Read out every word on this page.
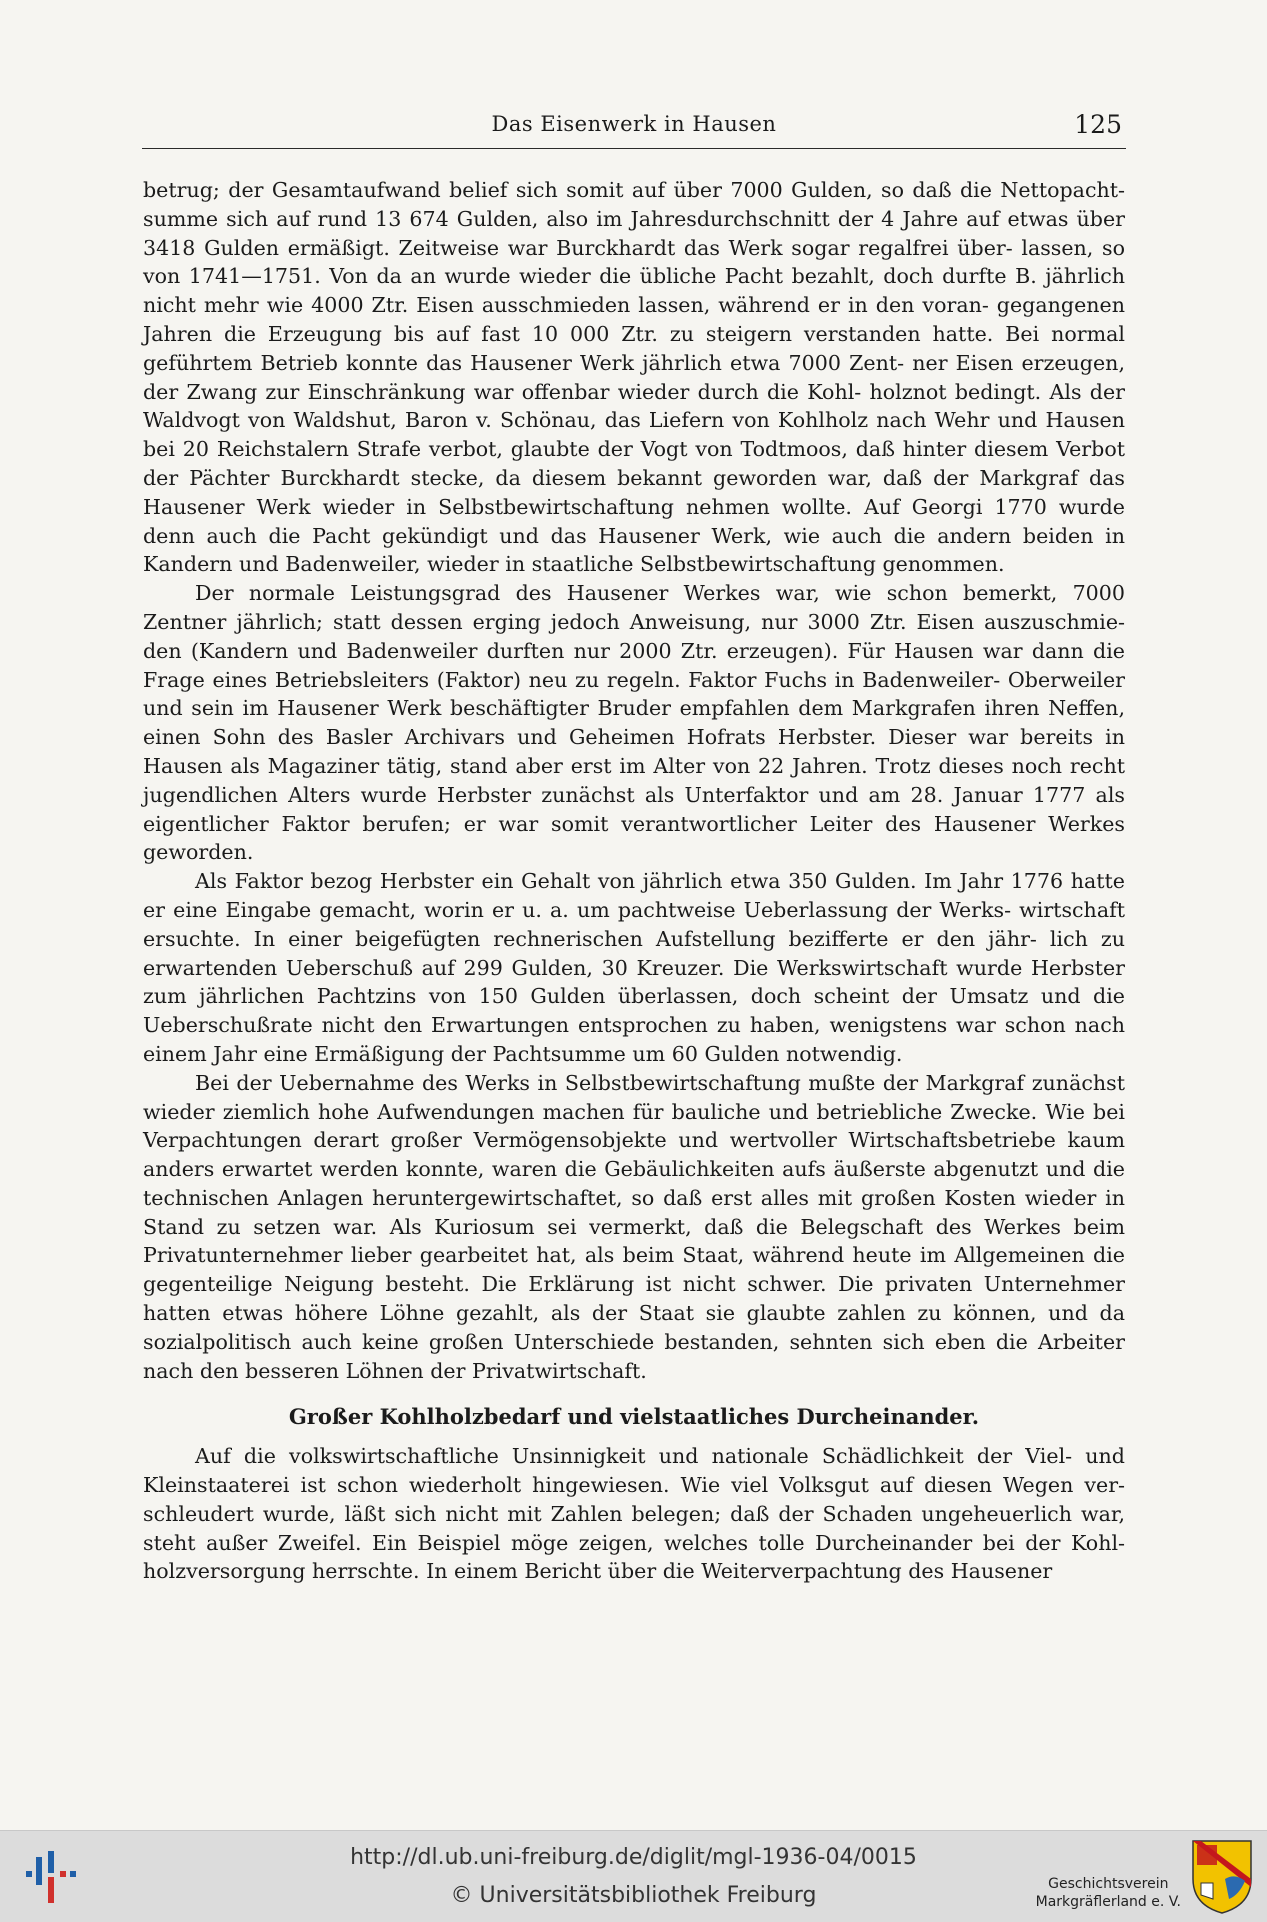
Das Eisenwerk in Hausen	125

betrug; der Gesamtaufwand belief sich somit auf über 7000 Gulden, so daß die Nettopacht- summe sich auf rund 13 674 Gulden, also im Jahresdurchschnitt der 4 Jahre auf etwas über 3418 Gulden ermäßigt. Zeitweise war Burckhardt das Werk sogar regalfrei über- lassen, so von 1741—1751. Von da an wurde wieder die übliche Pacht bezahlt, doch durfte B. jährlich nicht mehr wie 4000 Ztr. Eisen ausschmieden lassen, während er in den voran- gegangenen Jahren die Erzeugung bis auf fast 10 000 Ztr. zu steigern verstanden hatte. Bei normal geführtem Betrieb konnte das Hausener Werk jährlich etwa 7000 Zent- ner Eisen erzeugen, der Zwang zur Einschränkung war offenbar wieder durch die Kohl- holznot bedingt. Als der Waldvogt von Waldshut, Baron v. Schönau, das Liefern von Kohlholz nach Wehr und Hausen bei 20 Reichstalern Strafe verbot, glaubte der Vogt von Todtmoos, daß hinter diesem Verbot der Pächter Burckhardt stecke, da diesem bekannt geworden war, daß der Markgraf das Hausener Werk wieder in Selbstbewirtschaftung nehmen wollte. Auf Georgi 1770 wurde denn auch die Pacht gekündigt und das Hausener Werk, wie auch die andern beiden in Kandern und Badenweiler, wieder in staatliche Selbstbewirtschaftung genommen.

Der normale Leistungsgrad des Hausener Werkes war, wie schon bemerkt, 7000 Zentner jährlich; statt dessen erging jedoch Anweisung, nur 3000 Ztr. Eisen auszuschmie- den (Kandern und Badenweiler durften nur 2000 Ztr. erzeugen). Für Hausen war dann die Frage eines Betriebsleiters (Faktor) neu zu regeln. Faktor Fuchs in Badenweiler- Oberweiler und sein im Hausener Werk beschäftigter Bruder empfahlen dem Markgrafen ihren Neffen, einen Sohn des Basler Archivars und Geheimen Hofrats Herbster. Dieser war bereits in Hausen als Magaziner tätig, stand aber erst im Alter von 22 Jahren. Trotz dieses noch recht jugendlichen Alters wurde Herbster zunächst als Unterfaktor und am 28. Januar 1777 als eigentlicher Faktor berufen; er war somit verantwortlicher Leiter des Hausener Werkes geworden.

Als Faktor bezog Herbster ein Gehalt von jährlich etwa 350 Gulden. Im Jahr 1776 hatte er eine Eingabe gemacht, worin er u. a. um pachtweise Ueberlassung der Werks- wirtschaft ersuchte. In einer beigefügten rechnerischen Aufstellung bezifferte er den jähr- lich zu erwartenden Ueberschuß auf 299 Gulden, 30 Kreuzer. Die Werkswirtschaft wurde Herbster zum jährlichen Pachtzins von 150 Gulden überlassen, doch scheint der Umsatz und die Ueberschußrate nicht den Erwartungen entsprochen zu haben, wenigstens war schon nach einem Jahr eine Ermäßigung der Pachtsumme um 60 Gulden notwendig.

Bei der Uebernahme des Werks in Selbstbewirtschaftung mußte der Markgraf zunächst wieder ziemlich hohe Aufwendungen machen für bauliche und betriebliche Zwecke. Wie bei Verpachtungen derart großer Vermögensobjekte und wertvoller Wirtschaftsbetriebe kaum anders erwartet werden konnte, waren die Gebäulichkeiten aufs äußerste abgenutzt und die technischen Anlagen heruntergewirtschaftet, so daß erst alles mit großen Kosten wieder in Stand zu setzen war. Als Kuriosum sei vermerkt, daß die Belegschaft des Werkes beim Privatunternehmer lieber gearbeitet hat, als beim Staat, während heute im Allgemeinen die gegenteilige Neigung besteht. Die Erklärung ist nicht schwer. Die privaten Unternehmer hatten etwas höhere Löhne gezahlt, als der Staat sie glaubte zahlen zu können, und da sozialpolitisch auch keine großen Unterschiede bestanden, sehnten sich eben die Arbeiter nach den besseren Löhnen der Privatwirtschaft.

Großer Kohlholzbedarf und vielstaatliches Durcheinander.

Auf die volkswirtschaftliche Unsinnigkeit und nationale Schädlichkeit der Viel- und Kleinstaaterei ist schon wiederholt hingewiesen. Wie viel Volksgut auf diesen Wegen ver- schleudert wurde, läßt sich nicht mit Zahlen belegen; daß der Schaden ungeheuerlich war, steht außer Zweifel. Ein Beispiel möge zeigen, welches tolle Durcheinander bei der Kohl- holzversorgung herrschte. In einem Bericht über die Weiterverpachtung des Hausener

http://dl.ub.uni-freiburg.de/diglit/mgl-1936-04/0015
© Universitätsbibliothek Freiburg	Geschichtsverein
Markgräflerland e. V.
